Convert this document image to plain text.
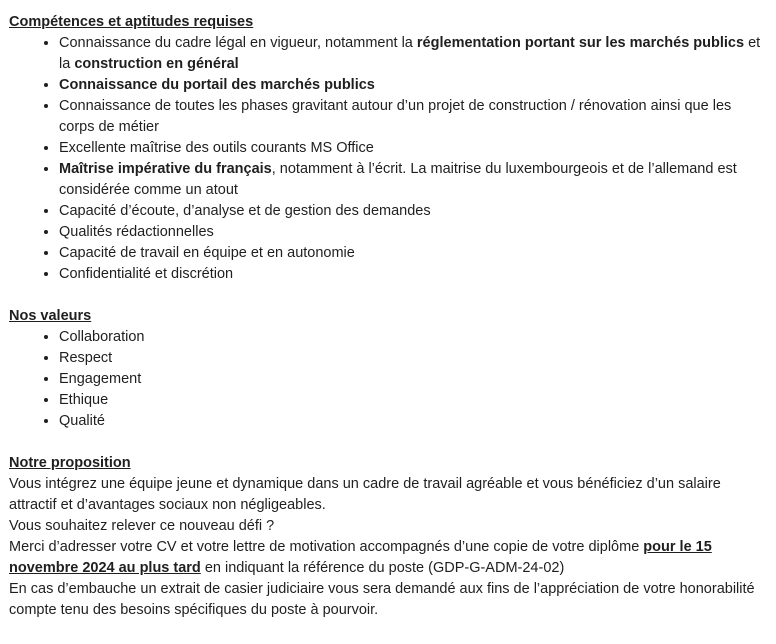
Compétences et aptitudes requises
• Connaissance du cadre légal en vigueur, notamment la réglementation portant sur les marchés publics et la construction en général
• Connaissance du portail des marchés publics
• Connaissance de toutes les phases gravitant autour d’un projet de construction / rénovation ainsi que les corps de métier
• Excellente maîtrise des outils courants MS Office
• Maîtrise impérative du français, notamment à l’écrit. La maitrise du luxembourgeois et de l’allemand est considérée comme un atout
• Capacité d’écoute, d’analyse et de gestion des demandes
• Qualités rédactionnelles
• Capacité de travail en équipe et en autonomie
• Confidentialité et discrétion
Nos valeurs
• Collaboration
• Respect
• Engagement
• Ethique
• Qualité
Notre proposition

Vous intégrez une équipe jeune et dynamique dans un cadre de travail agréable et vous bénéficiez d’un salaire attractif et d’avantages sociaux non négligeables.

Vous souhaitez relever ce nouveau défi ?

Merci d’adresser votre CV et votre lettre de motivation accompagnés d’une copie de votre diplôme pour le 15 novembre 2024 au plus tard en indiquant la référence du poste (GDP-G-ADM-24-02)

En cas d’embauche un extrait de casier judiciaire vous sera demandé aux fins de l’appréciation de votre honorabilité compte tenu des besoins spécifiques du poste à pourvoir.
